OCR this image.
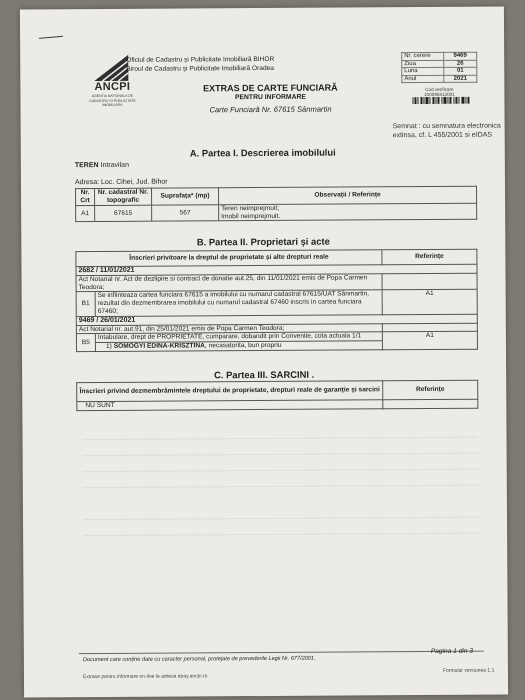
ANCPI
AGENTIA NATIONALA DE CADASTRU SI PUBLICITATE IMOBILIARA
Oficiul de Cadastru și Publicitate Imobiliară BIHOR
Biroul de Cadastru și Publicitate Imobiliară Oradea
Nr. cerere	9469
Ziua	26
Luna	01
Anul	2021
Cod verificare
100095913001
EXTRAS DE CARTE FUNCIARĂ
PENTRU INFORMARE
Carte Funciară Nr. 67615 Sânmartin
Semnat : cu semnatura electronica extinsa, cf. L 455/2001 si eIDAS
A. Partea I. Descrierea imobilului
TEREN Intravilan
Adresa: Loc. Cihei, Jud. Bihor
Nr. Crt	Nr. cadastral Nr. topografic	Suprafața* (mp)	Observații / Referințe
A1	67615	567	Teren neimprejmuit;
Imobil neimprejmuit.
B. Partea II. Proprietari și acte
Înscrieri privitoare la dreptul de proprietate și alte drepturi reale		Referințe
2682 / 11/01/2021		
Act Notarial nr. Act de dezlipire si contract de donatie aut.25, din 11/01/2021 emis de Popa Carmen Teodora;		
B1	Se infiinteaza cartea funciara 67615 a imobilului cu numarul cadastral 67615/UAT Sânmartin, rezultat din dezmembrarea imobilului cu numarul cadastral 67460 inscris in cartea funciara 67460;	A1
9469 / 26/01/2021		
Act Notarial nr. aut.91, din 25/01/2021 emis de Popa Carmen Teodora;		
B5	Intabulare, drept de PROPRIETATE, cumparare, dobandit prin Conventie, cota actuala 1/1
1) SOMOGYI EDINA-KRISZTINA, necasatorita, bun propriu	A1
C. Partea III. SARCINI .
Înscrieri privind dezmembrămintele dreptului de proprietate, drepturi reale de garanție și sarcini	Referințe
NU SUNT	
Pagina 1 din 3
Document care conține date cu caracter personal, protejate de prevederile Legii Nr. 677/2001.
Extrase pentru informare on-line la adresa epay.ancpi.ro
Formular versiunea 1.1
